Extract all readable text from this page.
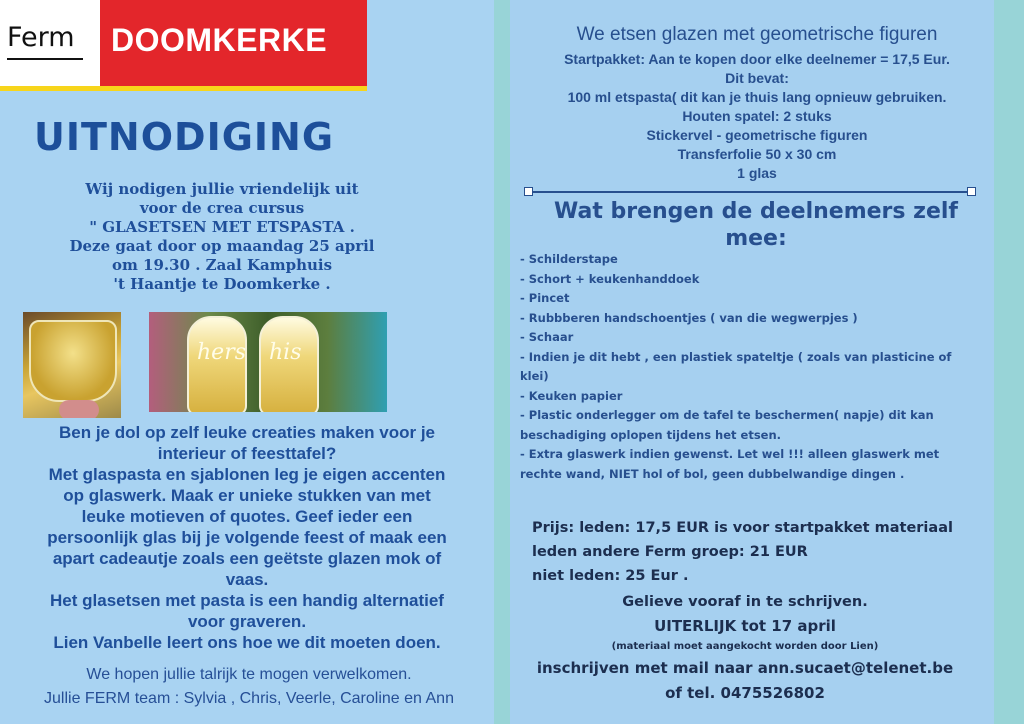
Ferm DOOMKERKE
UITNODIGING
Wij nodigen jullie vriendelijk uit
voor de crea cursus
" GLASETSEN MET ETSPASTA .
Deze gaat door op maandag 25 april
om 19.30 . Zaal Kamphuis
't Haantje te Doomkerke .
hers his
Ben je dol op zelf leuke creaties maken voor je
interieur of feesttafel?
Met glaspasta en sjablonen leg je eigen accenten
op glaswerk. Maak er unieke stukken van met
leuke motieven of quotes. Geef ieder een
persoonlijk glas bij je volgende feest of maak een
apart cadeautje zoals een geëtste glazen mok of
vaas.
Het glasetsen met pasta is een handig alternatief
voor graveren.
Lien Vanbelle leert ons hoe we dit moeten doen.
We hopen jullie talrijk te mogen verwelkomen.
Jullie FERM team : Sylvia , Chris, Veerle, Caroline en Ann
We etsen glazen met geometrische figuren
Startpakket: Aan te kopen door elke deelnemer = 17,5 Eur.
Dit bevat:
100 ml etspasta( dit kan je thuis lang opnieuw gebruiken.
Houten spatel: 2 stuks
Stickervel - geometrische figuren
Transferfolie 50 x 30 cm
1 glas
Wat brengen de deelnemers zelf mee:
- Schilderstape
- Schort + keukenhanddoek
- Pincet
- Rubbberen handschoentjes ( van die wegwerpjes )
- Schaar
- Indien je dit hebt , een plastiek spateltje ( zoals van plasticine of klei)
- Keuken papier
- Plastic onderlegger om de tafel te beschermen( napje) dit kan beschadiging oplopen tijdens het etsen.
- Extra glaswerk indien gewenst. Let wel !!! alleen glaswerk met rechte wand, NIET hol of bol, geen dubbelwandige dingen .
Prijs: leden: 17,5 EUR is voor startpakket materiaal
leden andere Ferm groep: 21 EUR
niet leden: 25 Eur .
Gelieve vooraf in te schrijven.
UITERLIJK tot 17 april
(materiaal moet aangekocht worden door Lien)
inschrijven met mail naar ann.sucaet@telenet.be
of tel. 0475526802
